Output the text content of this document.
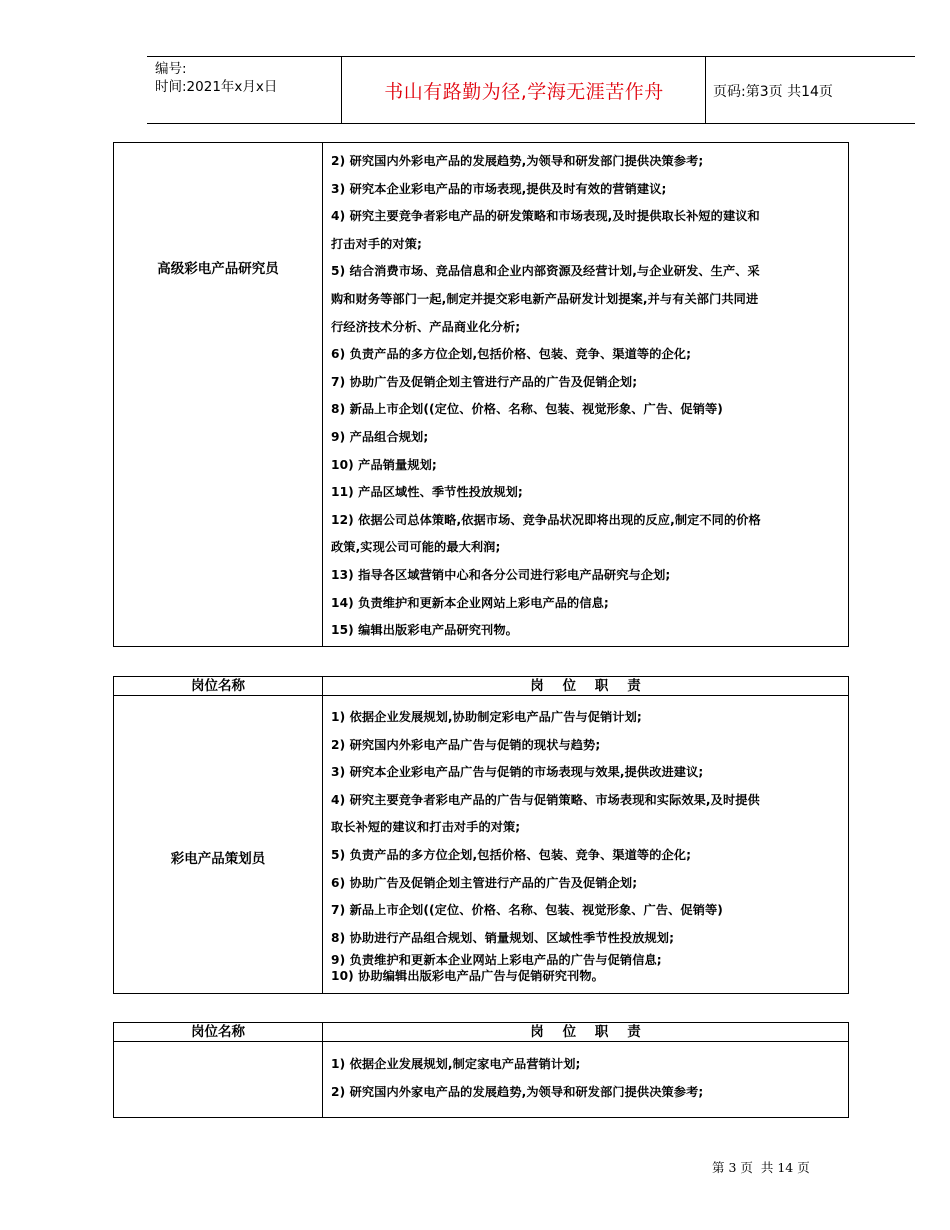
编号:
时间:2021年x月x日	书山有路勤为径,学海无涯苦作舟	页码:第3页 共14页
高级彩电产品研究员
2) 研究国内外彩电产品的发展趋势,为领导和研发部门提供决策参考;
3) 研究本企业彩电产品的市场表现,提供及时有效的营销建议;
4) 研究主要竞争者彩电产品的研发策略和市场表现,及时提供取长补短的建议和
打击对手的对策;
5) 结合消费市场、竞品信息和企业内部资源及经营计划,与企业研发、生产、采
购和财务等部门一起,制定并提交彩电新产品研发计划提案,并与有关部门共同进
行经济技术分析、产品商业化分析;
6) 负责产品的多方位企划,包括价格、包装、竞争、渠道等的企化;
7) 协助广告及促销企划主管进行产品的广告及促销企划;
8) 新品上市企划((定位、价格、名称、包装、视觉形象、广告、促销等)
9) 产品组合规划;
10) 产品销量规划;
11) 产品区域性、季节性投放规划;
12) 依据公司总体策略,依据市场、竞争品状况即将出现的反应,制定不同的价格
政策,实现公司可能的最大利润;
13) 指导各区域营销中心和各分公司进行彩电产品研究与企划;
14) 负责维护和更新本企业网站上彩电产品的信息;
15) 编辑出版彩电产品研究刊物。
岗位名称	岗    位    职    责
彩电产品策划员
1) 依据企业发展规划,协助制定彩电产品广告与促销计划;
2) 研究国内外彩电产品广告与促销的现状与趋势;
3) 研究本企业彩电产品广告与促销的市场表现与效果,提供改进建议;
4) 研究主要竞争者彩电产品的广告与促销策略、市场表现和实际效果,及时提供
取长补短的建议和打击对手的对策;
5) 负责产品的多方位企划,包括价格、包装、竞争、渠道等的企化;
6) 协助广告及促销企划主管进行产品的广告及促销企划;
7) 新品上市企划((定位、价格、名称、包装、视觉形象、广告、促销等)
8) 协助进行产品组合规划、销量规划、区域性季节性投放规划;
9) 负责维护和更新本企业网站上彩电产品的广告与促销信息;
10) 协助编辑出版彩电产品广告与促销研究刊物。
岗位名称	岗    位    职    责
1) 依据企业发展规划,制定家电产品营销计划;
2) 研究国内外家电产品的发展趋势,为领导和研发部门提供决策参考;
第 3 页  共 14 页
